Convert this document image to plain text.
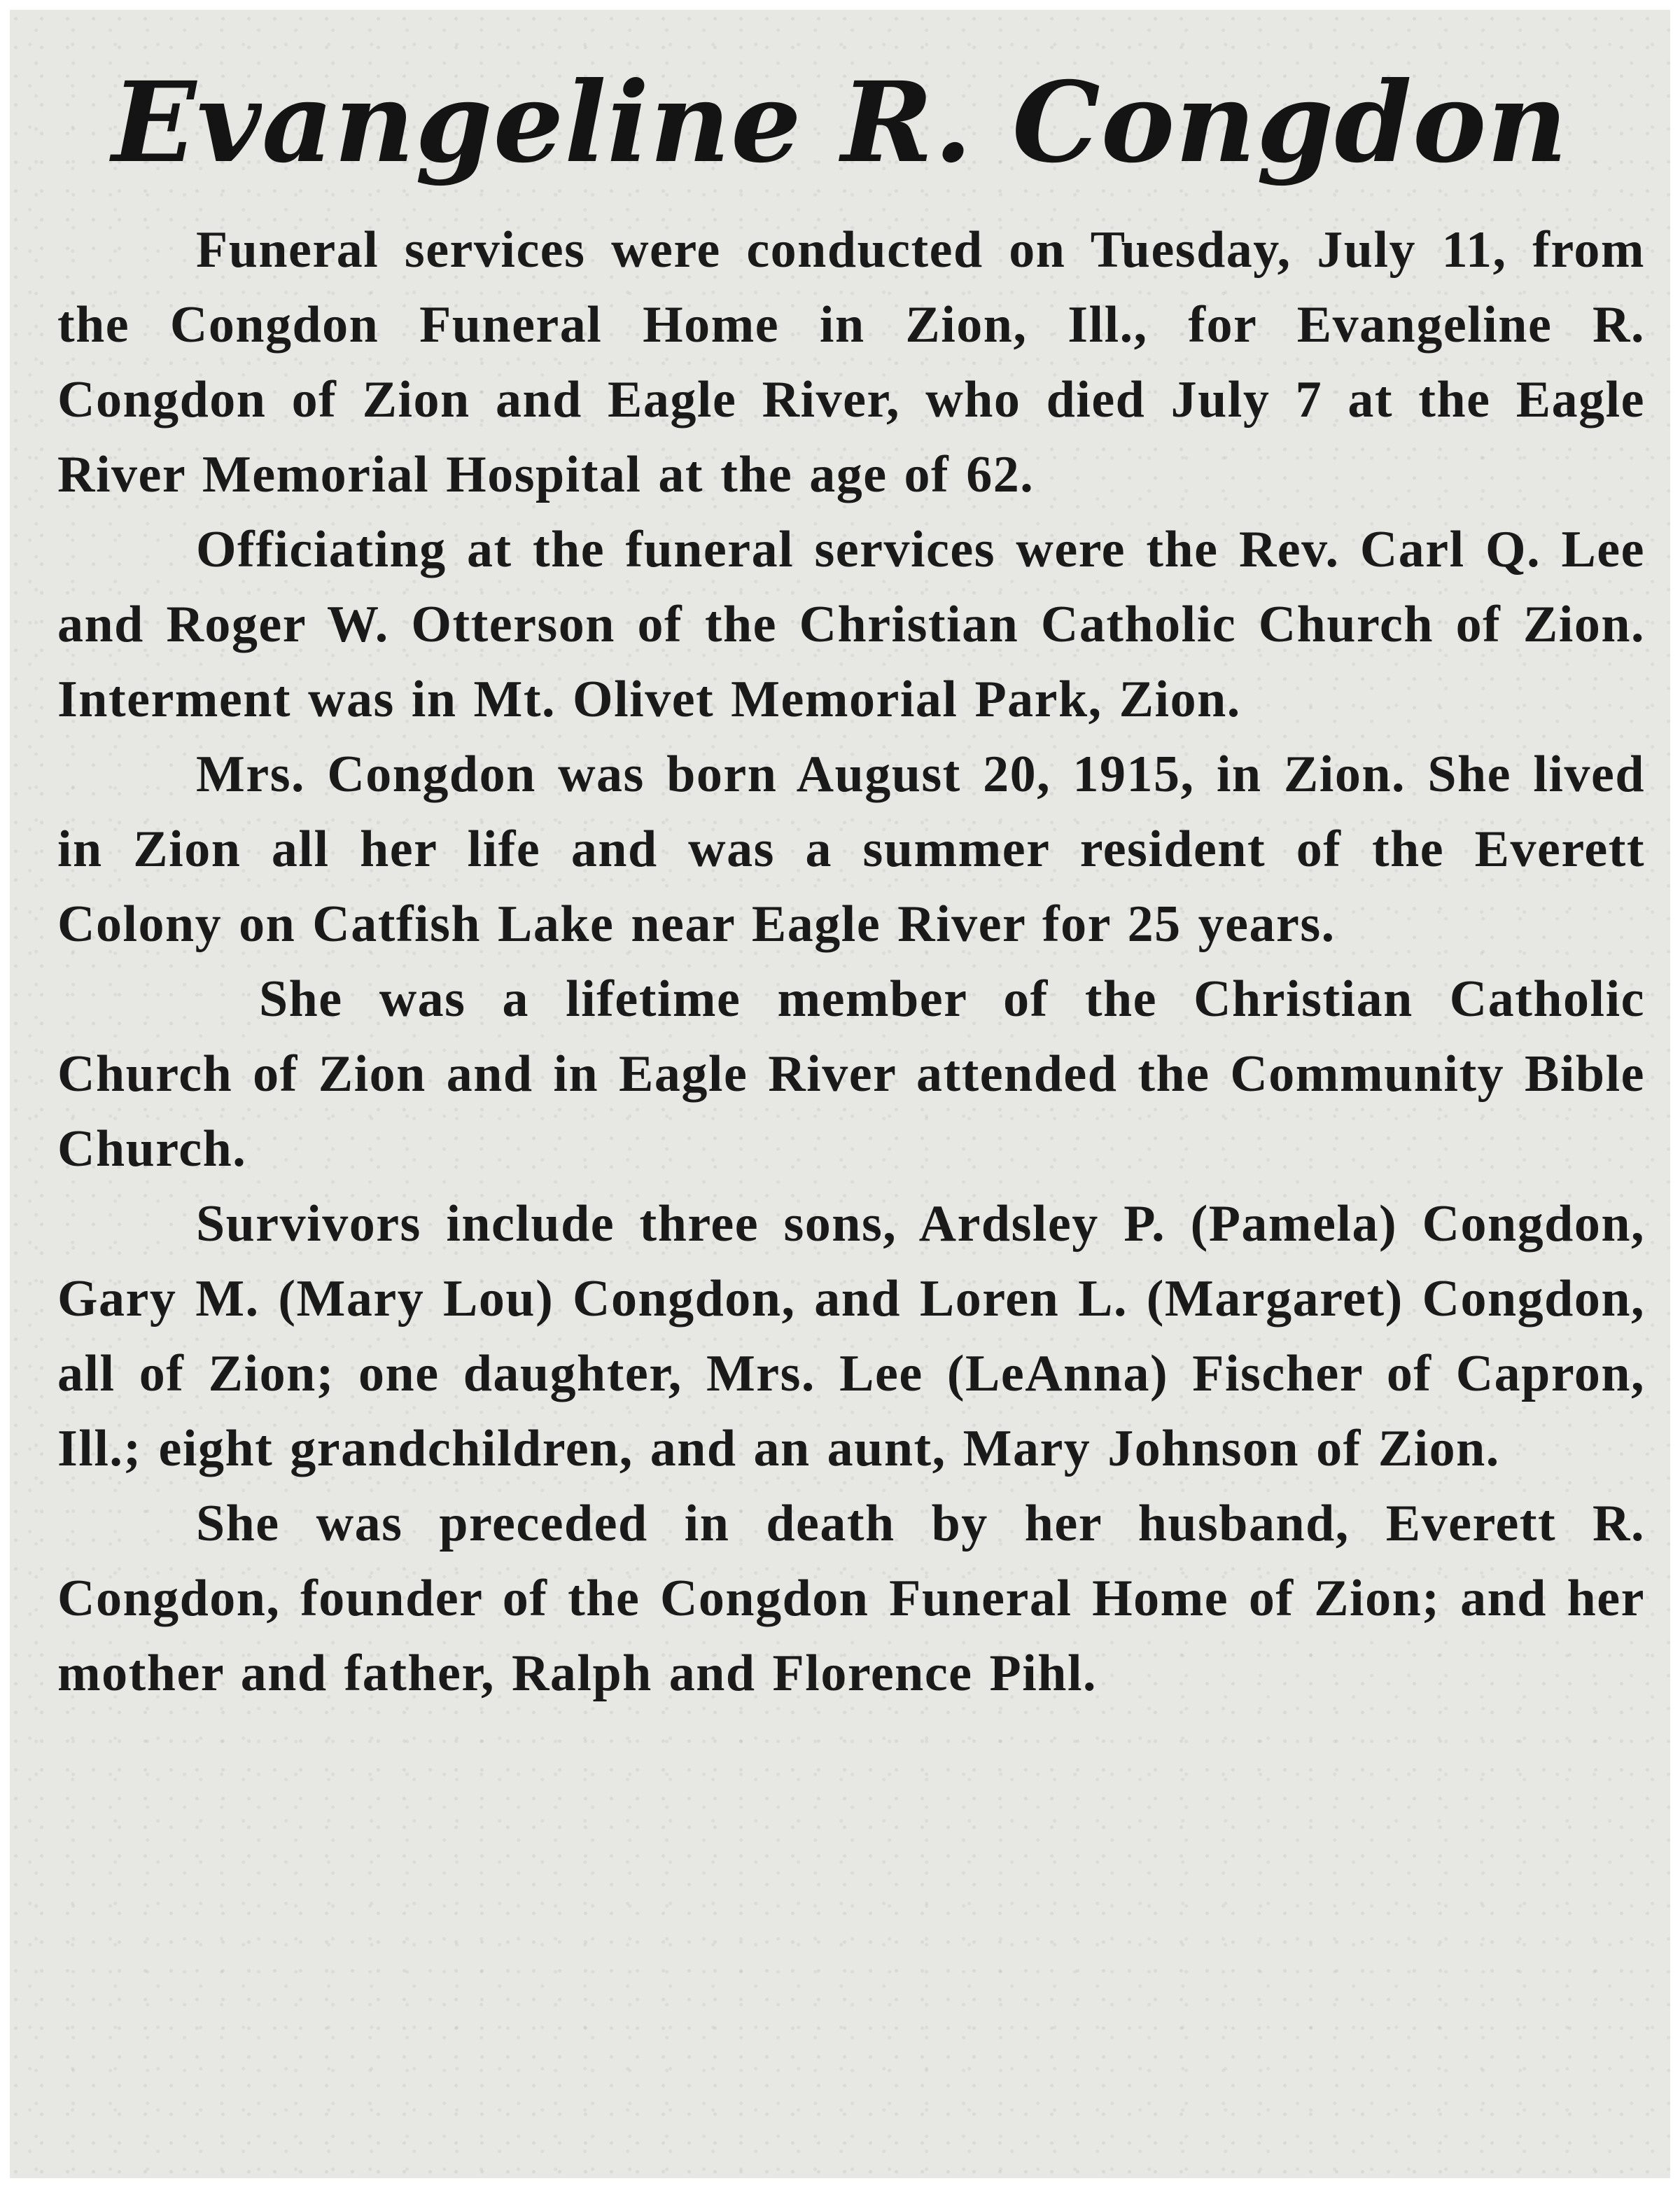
Evangeline R. Congdon

Funeral services were conducted on Tuesday, July 11, from the Congdon Funeral Home in Zion, Ill., for Evangeline R. Congdon of Zion and Eagle River, who died July 7 at the Eagle River Memorial Hospital at the age of 62.

Officiating at the funeral services were the Rev. Carl Q. Lee and Roger W. Otterson of the Christian Catholic Church of Zion. Interment was in Mt. Olivet Memorial Park, Zion.

Mrs. Congdon was born August 20, 1915, in Zion. She lived in Zion all her life and was a summer resident of the Everett Colony on Catfish Lake near Eagle River for 25 years.

She was a lifetime member of the Christian Catholic Church of Zion and in Eagle River attended the Community Bible Church.

Survivors include three sons, Ardsley P. (Pamela) Congdon, Gary M. (Mary Lou) Congdon, and Loren L. (Margaret) Congdon, all of Zion; one daughter, Mrs. Lee (LeAnna) Fischer of Capron, Ill.; eight grandchildren, and an aunt, Mary Johnson of Zion.

She was preceded in death by her husband, Everett R. Congdon, founder of the Congdon Funeral Home of Zion; and her mother and father, Ralph and Florence Pihl.
